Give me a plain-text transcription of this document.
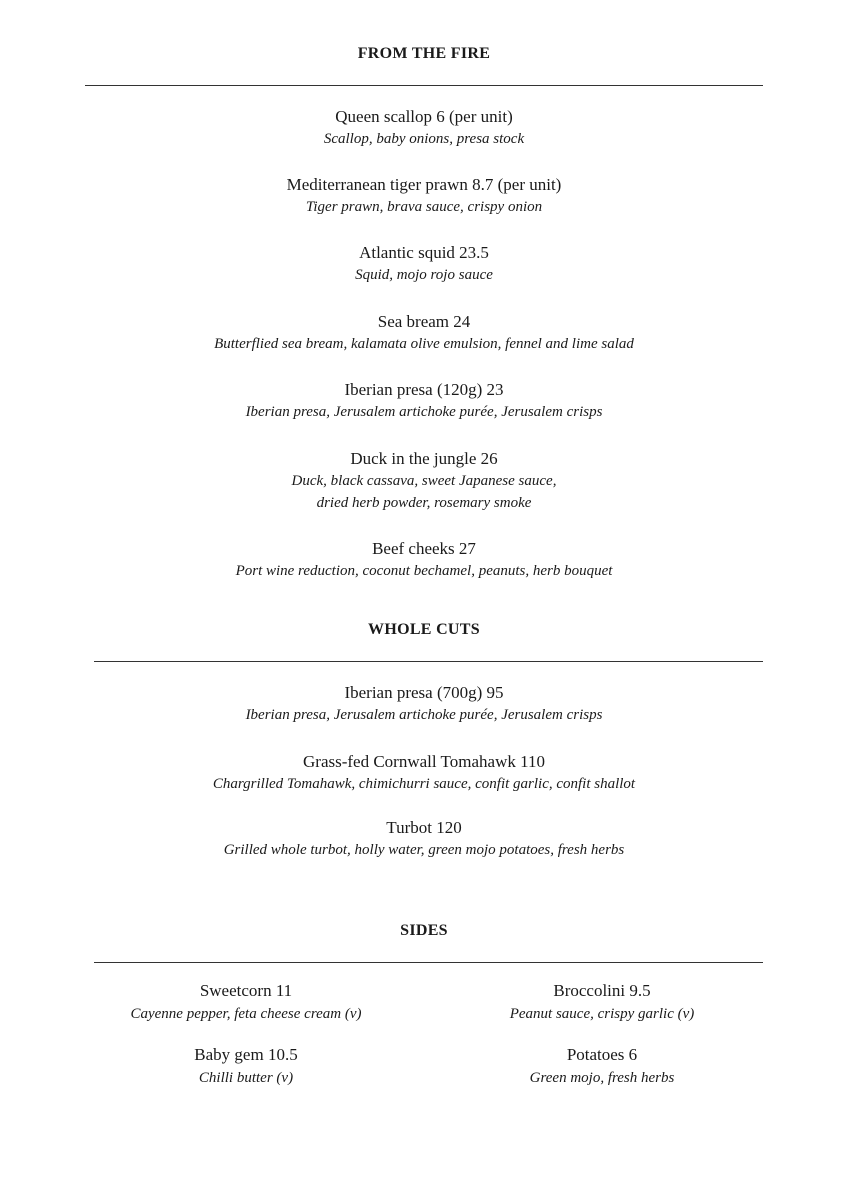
FROM THE FIRE
Queen scallop 6 (per unit)
Scallop, baby onions, presa stock
Mediterranean tiger prawn 8.7 (per unit)
Tiger prawn, brava sauce, crispy onion
Atlantic squid 23.5
Squid, mojo rojo sauce
Sea bream 24
Butterflied sea bream, kalamata olive emulsion, fennel and lime salad
Iberian presa (120g) 23
Iberian presa, Jerusalem artichoke purée, Jerusalem crisps
Duck in the jungle 26
Duck, black cassava, sweet Japanese sauce,
dried herb powder, rosemary smoke
Beef cheeks 27
Port wine reduction, coconut bechamel, peanuts, herb bouquet
WHOLE CUTS
Iberian presa (700g) 95
Iberian presa, Jerusalem artichoke purée, Jerusalem crisps
Grass-fed Cornwall Tomahawk 110
Chargrilled Tomahawk, chimichurri sauce, confit garlic, confit shallot
Turbot 120
Grilled whole turbot, holly water, green mojo potatoes, fresh herbs
SIDES
Sweetcorn 11
Cayenne pepper, feta cheese cream (v)
Broccolini 9.5
Peanut sauce, crispy garlic (v)
Baby gem 10.5
Chilli butter (v)
Potatoes 6
Green mojo, fresh herbs
